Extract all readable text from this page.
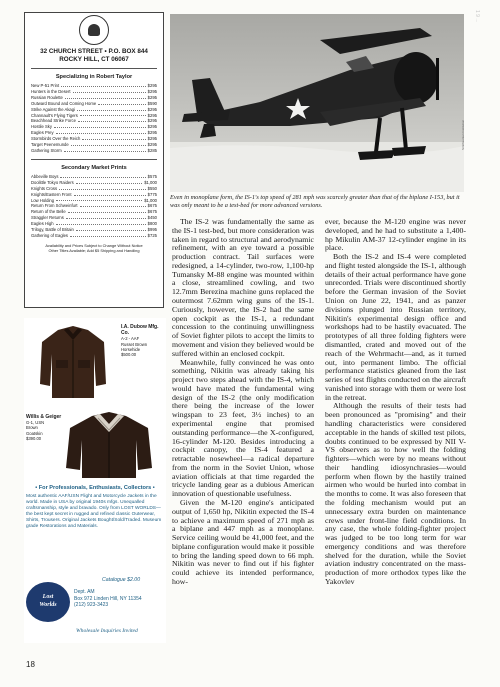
32 CHURCH STREET • P.O. BOX 844
ROCKY HILL, CT 06067
Specializing in Robert Taylor
New P-51 Print	$295
Hunters in the Desert	$295
Russian Roulette	$295
Outward Bound and Coming Home	$590
Strike Against the Akagi	$295
Channault's Flying Tigers	$295
Beachhead Strike Force	$295
Hostile Sky	$295
Eagles Prey	$295
Stormbirds Over the Reich	$295
Target Peenemunde	$295
Gathering Storm	$285
Secondary Market Prints
Abbeville Boys	$575
Doolittle Tokyo Raiders	$1,000
Knights Cross	$550
Knights/Eastern Front	$775
Low Holding	$1,000
Return From Schweinfurt	$675
Return of the Belle	$675
Straggler Returns	$450
Eagles High	$800
Trilogy, Battle of Britain	$995
Gathering of Eagles	$725
Availability and Prices Subject to Change Without Notice
Other Titles Available; Add $5 Shipping and Handling
I.A. Dubow Mfg. Co.
A-2 - AAF
Russet Brown
Horsehide
$500.00
Willis & Geiger
G-1, USN
Brown
Goatskin
$390.00
• For Professionals, Enthusiasts, Collectors •
Most authentic AAF/USN Flight and Motorcycle Jackets in the world. Made in USA by original 1940s mfgs. Unequalled craftsmanship, style and bravado. Only from LOST WORLDS—the best kept secret in rugged and refined classic Outerwear, Shirts, Trousers. Original Jackets Bought/Sold/Traded. Museum grade Restorations and Materials.
Catalogue $2.00
Lost
Worlds
Dept. AM
Box 972 Linden Hill, NY 11354
(212) 923-3423
Wholesale Inquiries Invited
Smithsonian Institution
Even in monoplane form, the IS-1's top speed of 281 mph was scarcely greater than that of the biplane I-153, but it was only meant to be a test-bed for more advanced versions.

The IS-2 was fundamentally the same as the IS-1 test-bed, but more consideration was taken in regard to structural and aerodynamic refinement, with an eye toward a possible production contract. Tail surfaces were redesigned, a 14-cylinder, two-row, 1,100-hp Tumansky M-88 engine was mounted within a close, streamlined cowling, and two 12.7mm Berezina machine guns replaced the outermost 7.62mm wing guns of the IS-1. Curiously, however, the IS-2 had the same open cockpit as the IS-1, a redundant concession to the continuing unwillingness of Soviet fighter pilots to accept the limits to movement and vision they believed would be suffered within an enclosed cockpit.

Meanwhile, fully convinced he was onto something, Nikitin was already taking his project two steps ahead with the IS-4, which would have mated the fundamental wing design of the IS-2 (the only modification there being the increase of the lower wingspan to 23 feet, 3½ inches) to an experimental engine that promised outstanding performance—the X-configured, 16-cylinder M-120. Besides introducing a cockpit canopy, the IS-4 featured a retractable nosewheel—a radical departure from the norm in the Soviet Union, whose aviation officials at that time regarded the tricycle landing gear as a dubious American innovation of questionable usefulness.

Given the M-120 engine's anticipated output of 1,650 hp, Nikitin expected the IS-4 to achieve a maximum speed of 271 mph as a biplane and 447 mph as a monoplane. Service ceiling would be 41,000 feet, and the biplane configuration would make it possible to bring the landing speed down to 66 mph. Nikitin was never to find out if his fighter could achieve its intended performance, how-

ever, because the M-120 engine was never developed, and he had to substitute a 1,400-hp Mikulin AM-37 12-cylinder engine in its place.

Both the IS-2 and IS-4 were completed and flight tested alongside the IS-1, although details of their actual performance have gone unrecorded. Trials were discontinued shortly before the German invasion of the Soviet Union on June 22, 1941, and as panzer divisions plunged into Russian territory, Nikitin's experimental design office and workshops had to be hastily evacuated. The prototypes of all three folding fighters were dismantled, crated and moved out of the reach of the Wehrmacht—and, as it turned out, into permanent limbo. The official performance statistics gleaned from the last series of test flights conducted on the aircraft vanished into storage with them or were lost in the retreat.

Although the results of their tests had been pronounced as "promising" and their handling characteristics were considered acceptable in the hands of skilled test pilots, doubts continued to be expressed by NII V-VS observers as to how well the folding fighters—which were by no means without their handling idiosynchrasies—would perform when flown by the hastily trained airmen who would be hurled into combat in the months to come. It was also foreseen that the folding mechanism would put an unnecessary extra burden on maintenance crews under front-line field conditions. In any case, the whole folding-fighter project was judged to be too long term for war emergency conditions and was therefore shelved for the duration, while the Soviet aviation industry concentrated on the mass-production of more orthodox types like the Yakovlev

18
1 9 ...
